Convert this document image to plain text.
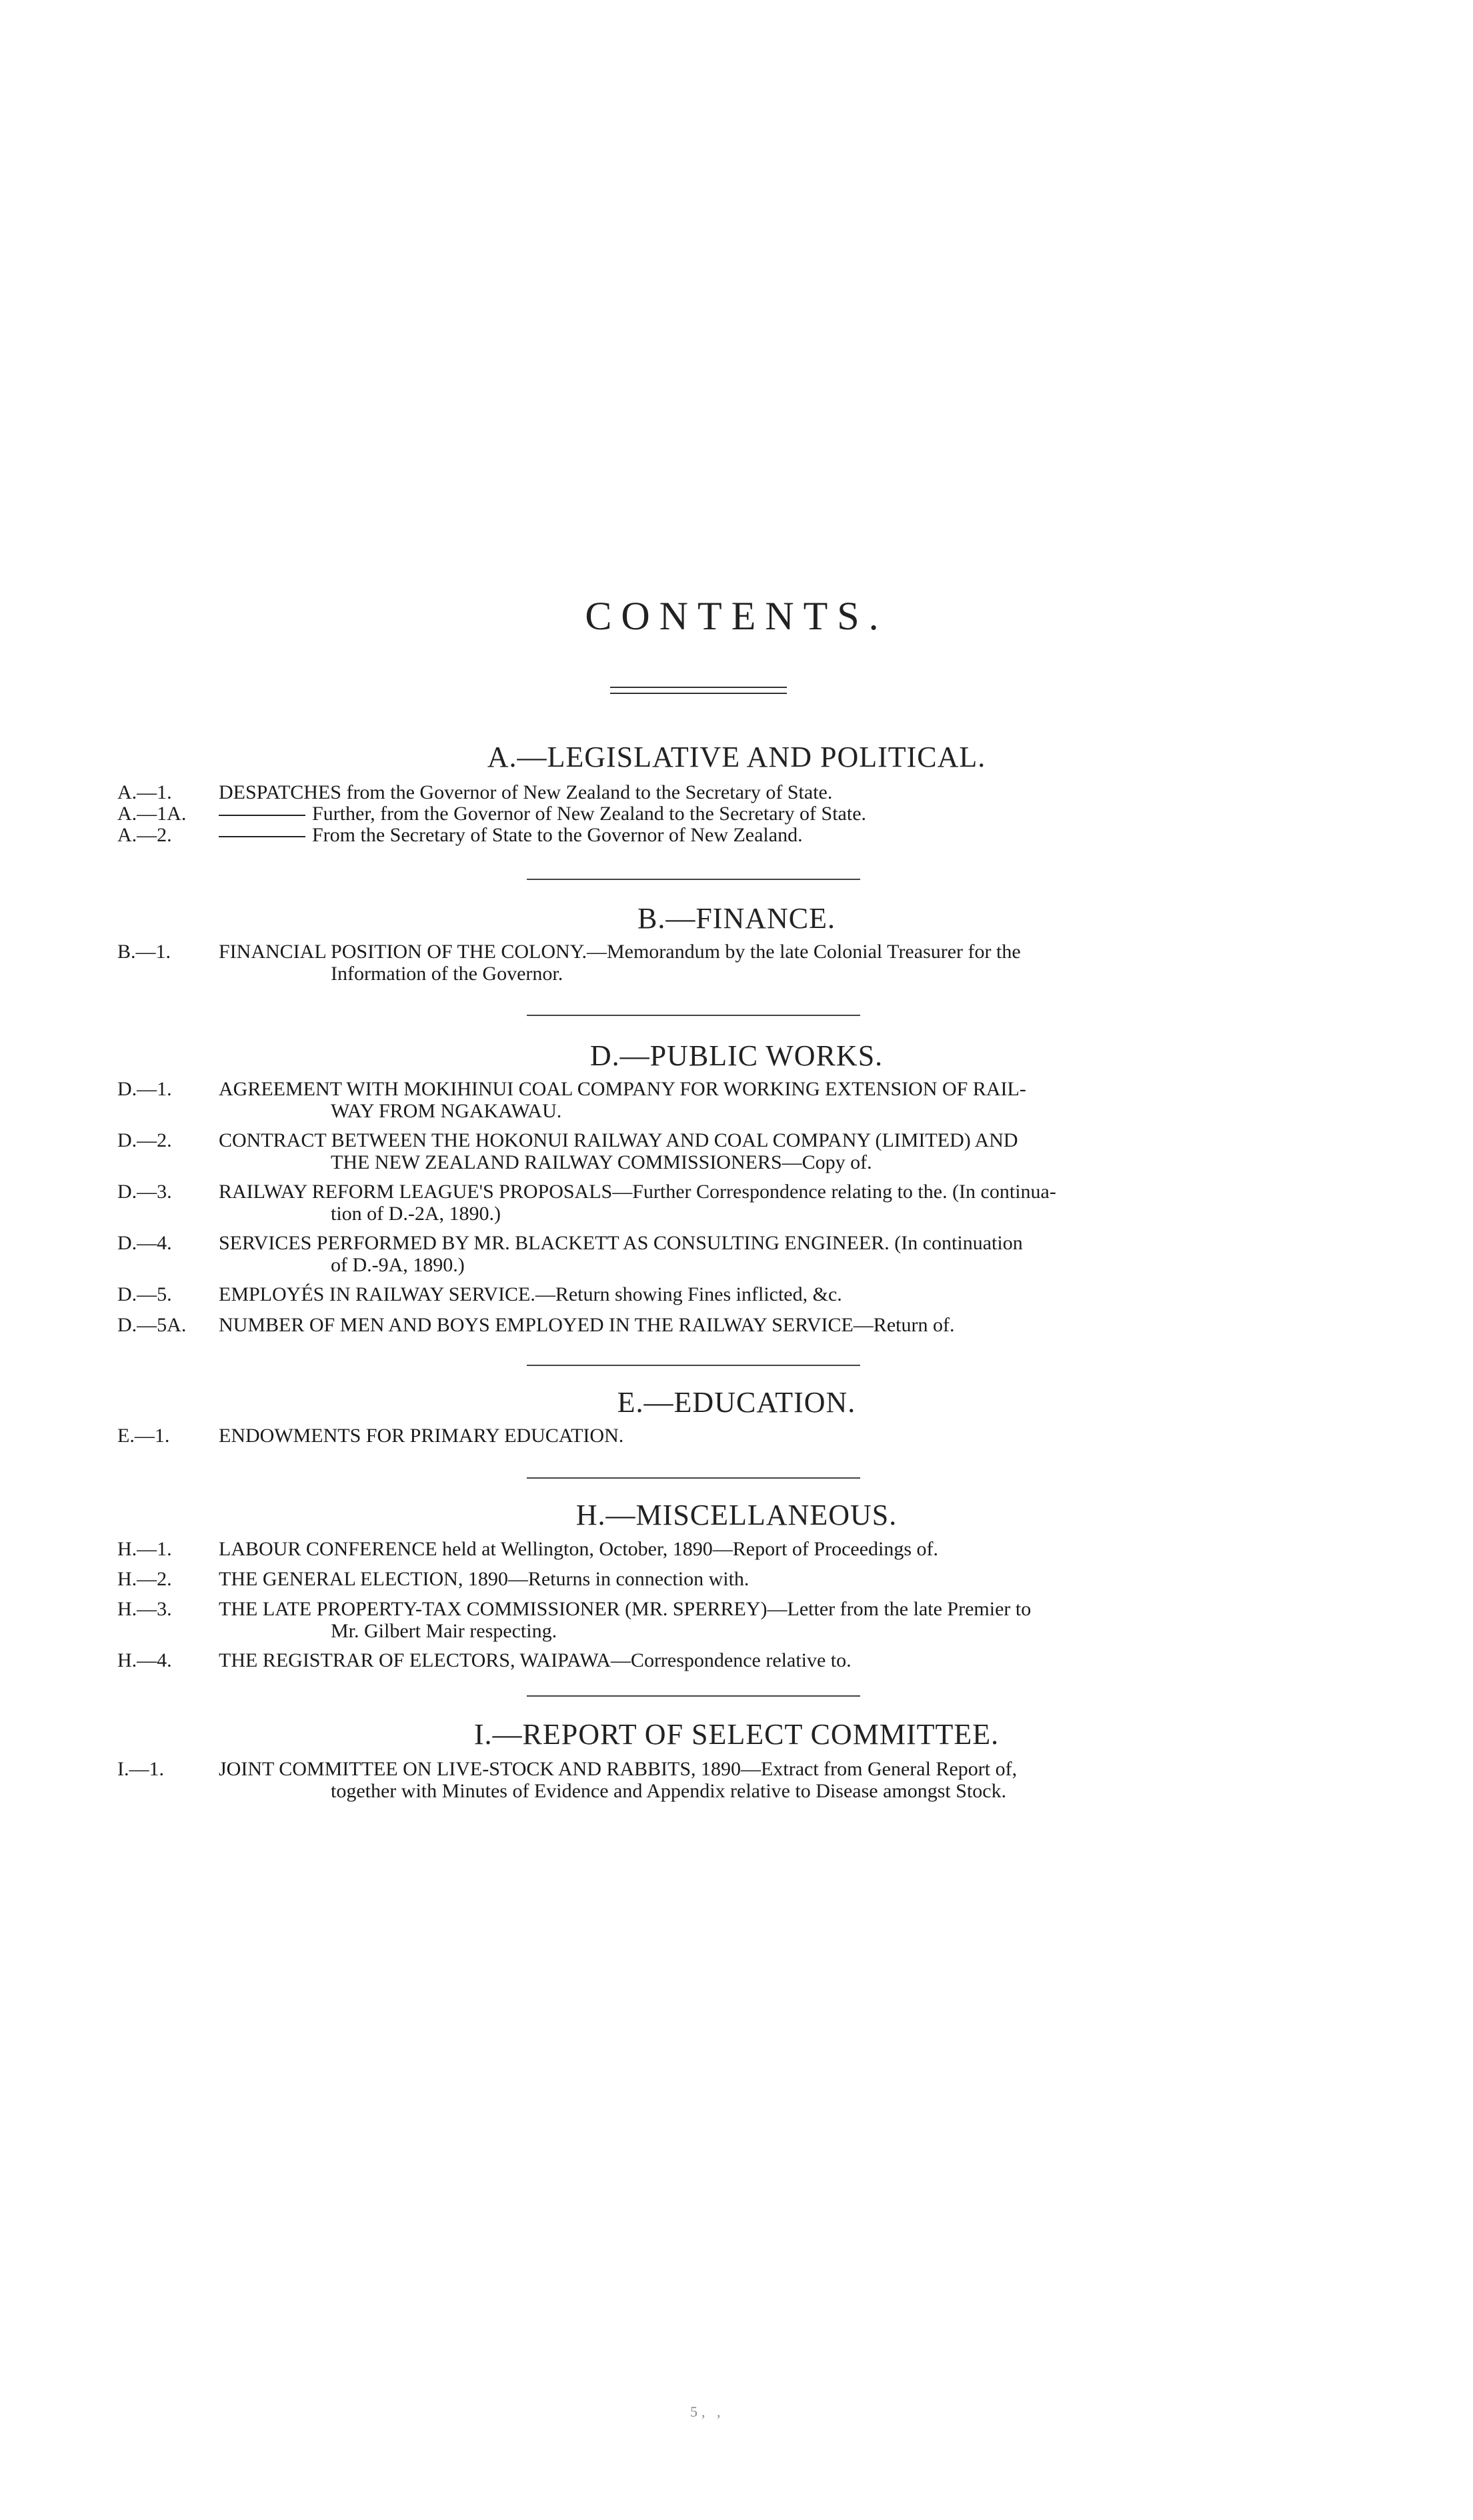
CONTENTS.
A.—LEGISLATIVE AND POLITICAL.
A.—1.	DESPATCHES from the Governor of New Zealand to the Secretary of State.
A.—1A.	Further, from the Governor of New Zealand to the Secretary of State.
A.—2.	From the Secretary of State to the Governor of New Zealand.
B.—FINANCE.
B.—1.	FINANCIAL POSITION OF THE COLONY.—Memorandum by the late Colonial Treasurer for the
Information of the Governor.
D.—PUBLIC WORKS.
D.—1.	AGREEMENT WITH MOKIHINUI COAL COMPANY FOR WORKING EXTENSION OF RAIL-
WAY FROM NGAKAWAU.
D.—2.	CONTRACT BETWEEN THE HOKONUI RAILWAY AND COAL COMPANY (LIMITED) AND
THE NEW ZEALAND RAILWAY COMMISSIONERS—Copy of.
D.—3.	RAILWAY REFORM LEAGUE'S PROPOSALS—Further Correspondence relating to the. (In continua-
tion of D.-2A, 1890.)
D.—4.	SERVICES PERFORMED BY MR. BLACKETT AS CONSULTING ENGINEER. (In continuation
of D.-9A, 1890.)
D.—5.	EMPLOYÉS IN RAILWAY SERVICE.—Return showing Fines inflicted, &c.
D.—5A.	NUMBER OF MEN AND BOYS EMPLOYED IN THE RAILWAY SERVICE—Return of.
E.—EDUCATION.
E.—1.	ENDOWMENTS FOR PRIMARY EDUCATION.
H.—MISCELLANEOUS.
H.—1.	LABOUR CONFERENCE held at Wellington, October, 1890—Report of Proceedings of.
H.—2.	THE GENERAL ELECTION, 1890—Returns in connection with.
H.—3.	THE LATE PROPERTY-TAX COMMISSIONER (MR. SPERREY)—Letter from the late Premier to
Mr. Gilbert Mair respecting.
H.—4.	THE REGISTRAR OF ELECTORS, WAIPAWA—Correspondence relative to.
I.—REPORT OF SELECT COMMITTEE.
I.—1.	JOINT COMMITTEE ON LIVE-STOCK AND RABBITS, 1890—Extract from General Report of,
together with Minutes of Evidence and Appendix relative to Disease amongst Stock.
5, ,
